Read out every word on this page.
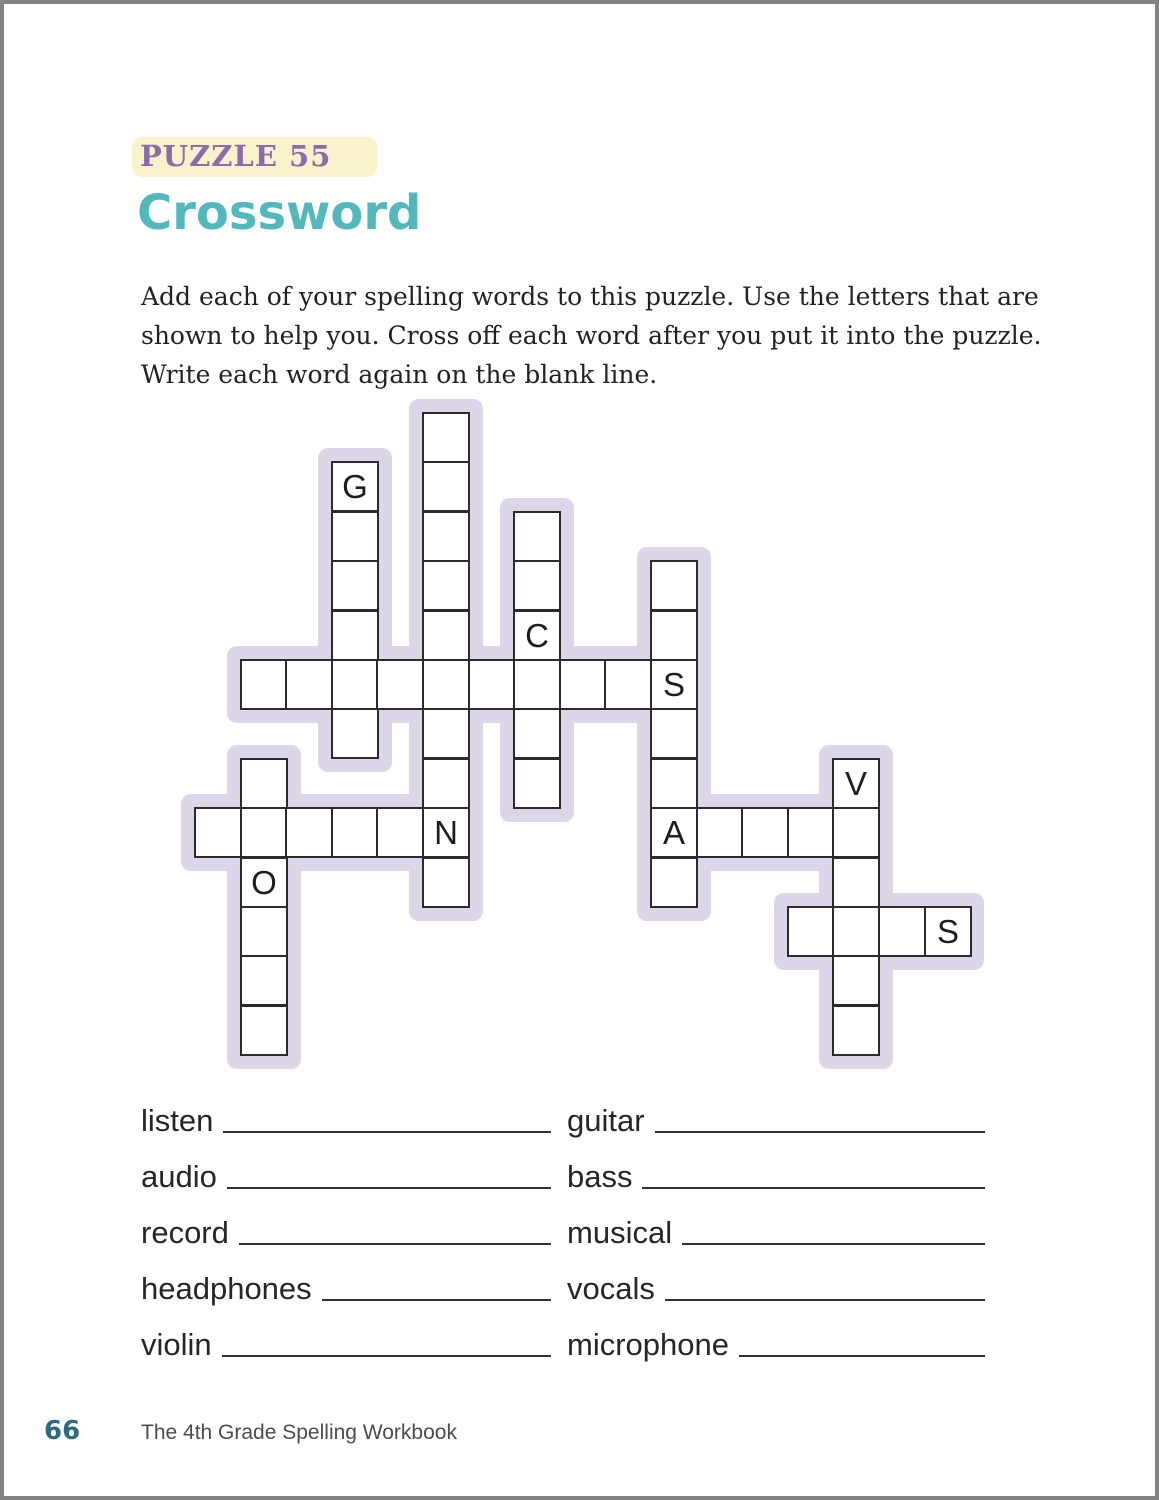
PUZZLE 55
Crossword
Add each of your spelling words to this puzzle. Use the letters that are
shown to help you. Cross off each word after you put it into the puzzle.
Write each word again on the blank line.
S
N	A
S
G
C
O
V
listen
audio
record
headphones
violin
guitar
bass
musical
vocals
microphone
66	The 4th Grade Spelling Workbook
